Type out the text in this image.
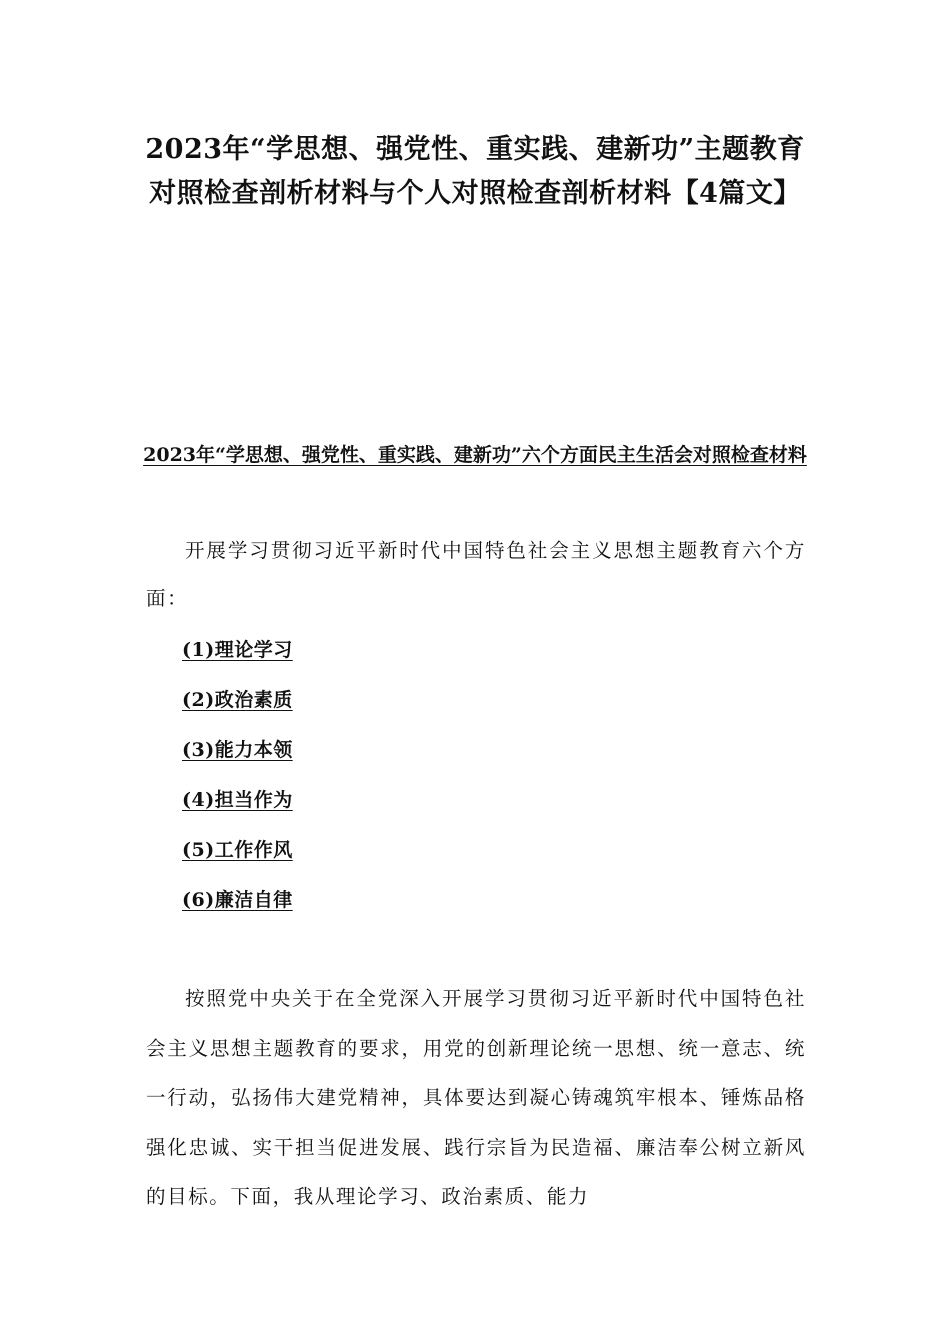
2023年“学思想、强党性、重实践、建新功”主题教育对照检查剖析材料与个人对照检查剖析材料【4篇文】
2023年“学思想、强党性、重实践、建新功”六个方面民主生活会对照检查材料
开展学习贯彻习近平新时代中国特色社会主义思想主题教育六个方面：
(1)理论学习
(2)政治素质
(3)能力本领
(4)担当作为
(5)工作作风
(6)廉洁自律
按照党中央关于在全党深入开展学习贯彻习近平新时代中国特色社会主义思想主题教育的要求，用党的创新理论统一思想、统一意志、统一行动，弘扬伟大建党精神，具体要达到凝心铸魂筑牢根本、锤炼品格强化忠诚、实干担当促进发展、践行宗旨为民造福、廉洁奉公树立新风的目标。下面，我从理论学习、政治素质、能力
